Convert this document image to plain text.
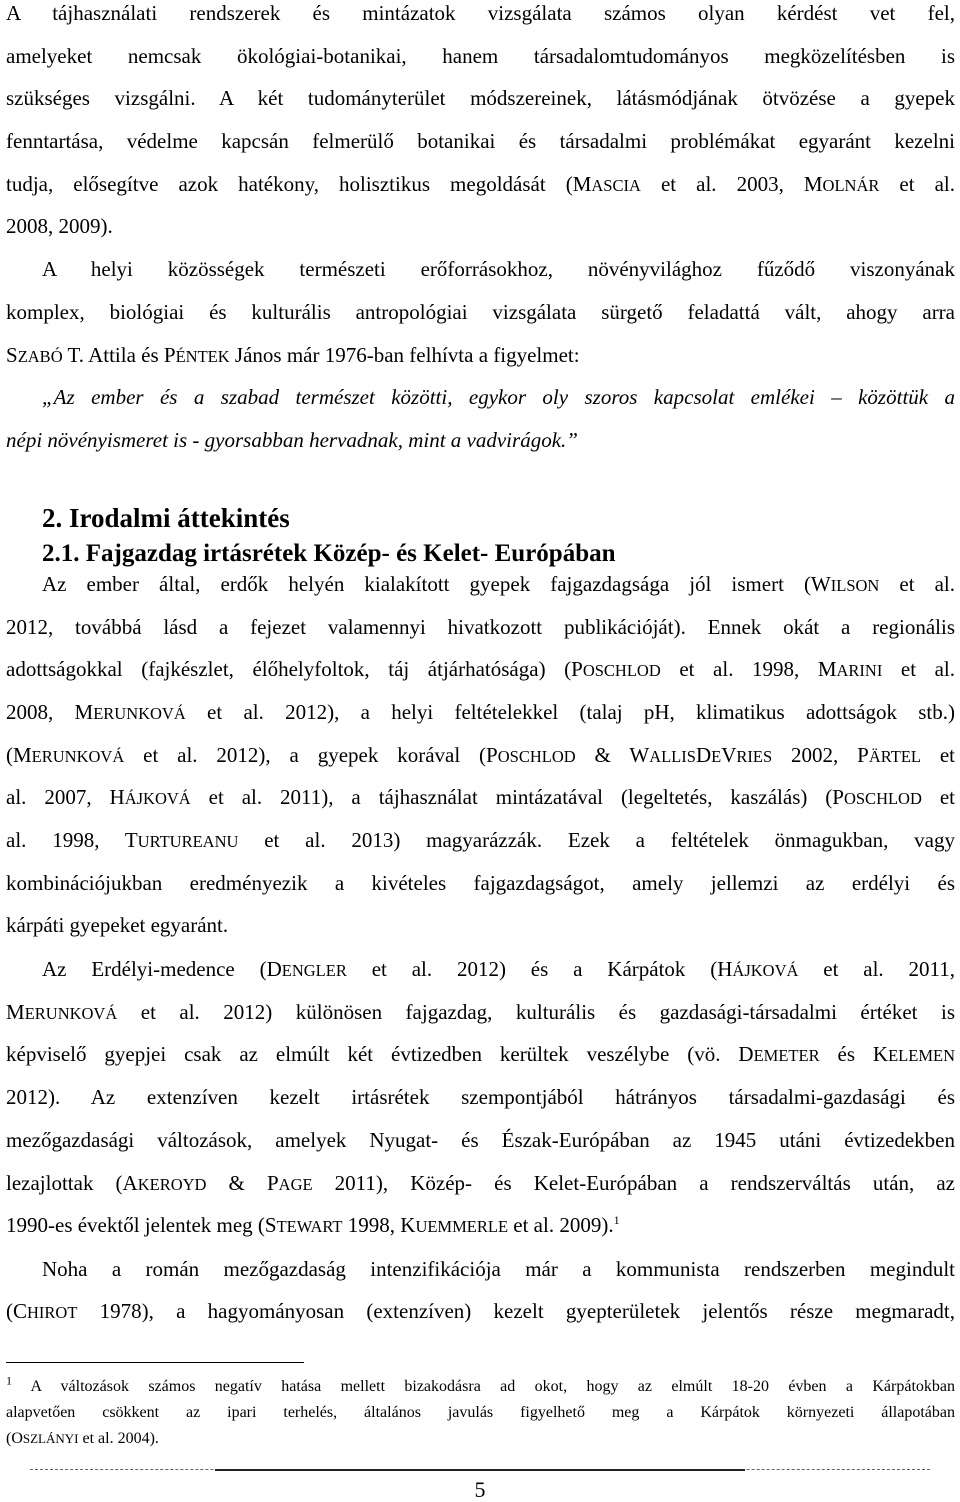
A tájhasználati rendszerek és mintázatok vizsgálata számos olyan kérdést vet fel,
amelyeket nemcsak ökológiai-botanikai, hanem társadalomtudományos megközelítésben is
szükséges vizsgálni. A két tudományterület módszereinek, látásmódjának ötvözése a gyepek
fenntartása, védelme kapcsán felmerülő botanikai és társadalmi problémákat egyaránt kezelni
tudja, elősegítve azok hatékony, holisztikus megoldását (MASCIA et al. 2003, MOLNÁR et al.
2008, 2009).
A helyi közösségek természeti erőforrásokhoz, növényvilághoz fűződő viszonyának
komplex, biológiai és kulturális antropológiai vizsgálata sürgető feladattá vált, ahogy arra
SZABÓ T. Attila és PÉNTEK János már 1976-ban felhívta a figyelmet:
„Az ember és a szabad természet közötti, egykor oly szoros kapcsolat emlékei – közöttük a
népi növényismeret is - gyorsabban hervadnak, mint a vadvirágok.”
2. Irodalmi áttekintés
2.1. Fajgazdag irtásrétek Közép- és Kelet- Európában
Az ember által, erdők helyén kialakított gyepek fajgazdagsága jól ismert (WILSON et al.
2012, továbbá lásd a fejezet valamennyi hivatkozott publikációját). Ennek okát a regionális
adottságokkal (fajkészlet, élőhelyfoltok, táj átjárhatósága) (POSCHLOD et al. 1998, MARINI et al.
2008, MERUNKOVÁ et al. 2012), a helyi feltételekkel (talaj pH, klimatikus adottságok stb.)
(MERUNKOVÁ et al. 2012), a gyepek korával (POSCHLOD & WALLISDEVRIES 2002, PÄRTEL et
al. 2007, HÁJKOVÁ et al. 2011), a tájhasználat mintázatával (legeltetés, kaszálás) (POSCHLOD et
al. 1998, TURTUREANU et al. 2013) magyarázzák. Ezek a feltételek önmagukban, vagy
kombinációjukban eredményezik a kivételes fajgazdagságot, amely jellemzi az erdélyi és
kárpáti gyepeket egyaránt.
Az Erdélyi-medence (DENGLER et al. 2012) és a Kárpátok (HÁJKOVÁ et al. 2011,
MERUNKOVÁ et al. 2012) különösen fajgazdag, kulturális és gazdasági-társadalmi értéket is
képviselő gyepjei csak az elmúlt két évtizedben kerültek veszélybe (vö. DEMETER és KELEMEN
2012). Az extenzíven kezelt irtásrétek szempontjából hátrányos társadalmi-gazdasági és
mezőgazdasági változások, amelyek Nyugat- és Észak-Európában az 1945 utáni évtizedekben
lezajlottak (AKEROYD & PAGE 2011), Közép- és Kelet-Európában a rendszerváltás után, az
1990-es évektől jelentek meg (STEWART 1998, KUEMMERLE et al. 2009).$^1$
Noha a román mezőgazdaság intenzifikációja már a kommunista rendszerben megindult
(CHIROT 1978), a hagyományosan (extenzíven) kezelt gyepterületek jelentős része megmaradt,
$^1$ A változások számos negatív hatása mellett bizakodásra ad okot, hogy az elmúlt 18-20 évben a Kárpátokban
alapvetően csökkent az ipari terhelés, általános javulás figyelhető meg a Kárpátok környezeti állapotában
(OSZLÁNYI et al. 2004).
5
